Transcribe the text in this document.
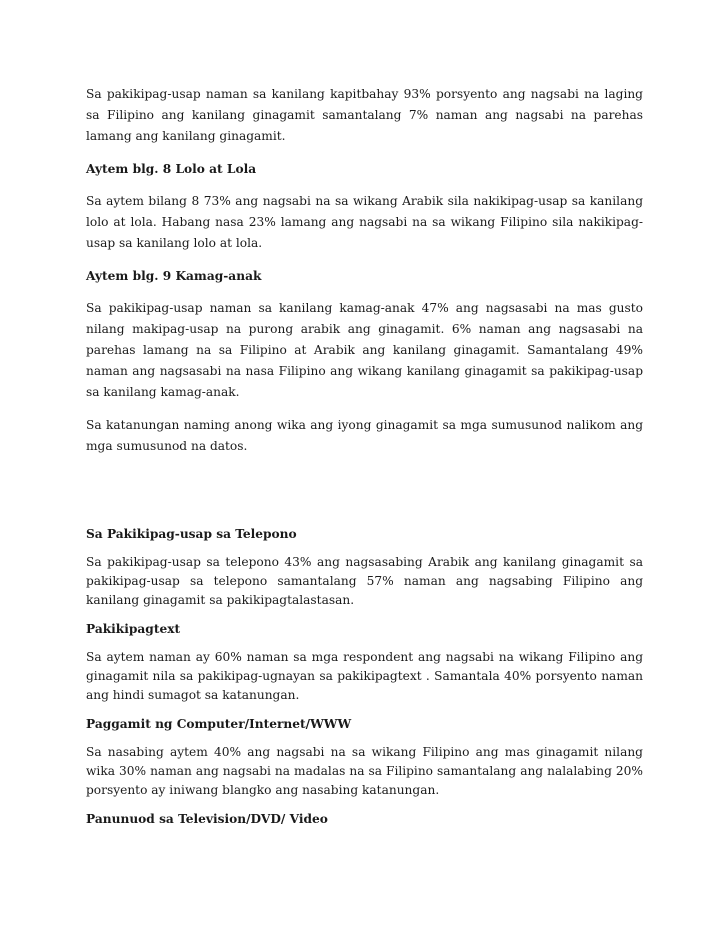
Sa pakikipag-usap naman sa kanilang kapitbahay 93% porsyento ang nagsabi na laging sa Filipino ang kanilang ginagamit samantalang 7% naman ang nagsabi na parehas lamang ang kanilang ginagamit.

Aytem blg. 8 Lolo at Lola

Sa aytem bilang 8 73% ang nagsabi na sa wikang Arabik sila nakikipag-usap sa kanilang lolo at lola. Habang nasa 23% lamang ang nagsabi na sa wikang Filipino sila nakikipag-usap sa kanilang lolo at lola.

Aytem blg. 9 Kamag-anak

Sa pakikipag-usap naman sa kanilang kamag-anak 47% ang nagsasabi na mas gusto nilang makipag-usap na purong arabik ang ginagamit. 6% naman ang nagsasabi na parehas lamang na sa Filipino at Arabik ang kanilang ginagamit. Samantalang 49% naman ang nagsasabi na nasa Filipino ang wikang kanilang ginagamit sa pakikipag-usap sa kanilang kamag-anak.

Sa katanungan naming anong wika ang iyong ginagamit sa mga sumusunod nalikom ang mga sumusunod na datos.

Sa Pakikipag-usap sa Telepono

Sa pakikipag-usap sa telepono 43% ang nagsasabing Arabik ang kanilang ginagamit sa pakikipag-usap sa telepono samantalang 57% naman ang nagsabing Filipino ang kanilang ginagamit sa pakikipagtalastasan.

Pakikipagtext

Sa aytem naman ay 60% naman sa mga respondent ang nagsabi na wikang Filipino ang ginagamit nila sa pakikipag-ugnayan sa pakikipagtext . Samantala 40% porsyento naman ang hindi sumagot sa katanungan.

Paggamit ng Computer/Internet/WWW

Sa nasabing aytem 40% ang nagsabi na sa wikang Filipino ang mas ginagamit nilang wika 30% naman ang nagsabi na madalas na sa Filipino samantalang ang nalalabing 20% porsyento ay iniwang blangko ang nasabing katanungan.

Panunuod sa Television/DVD/ Video
